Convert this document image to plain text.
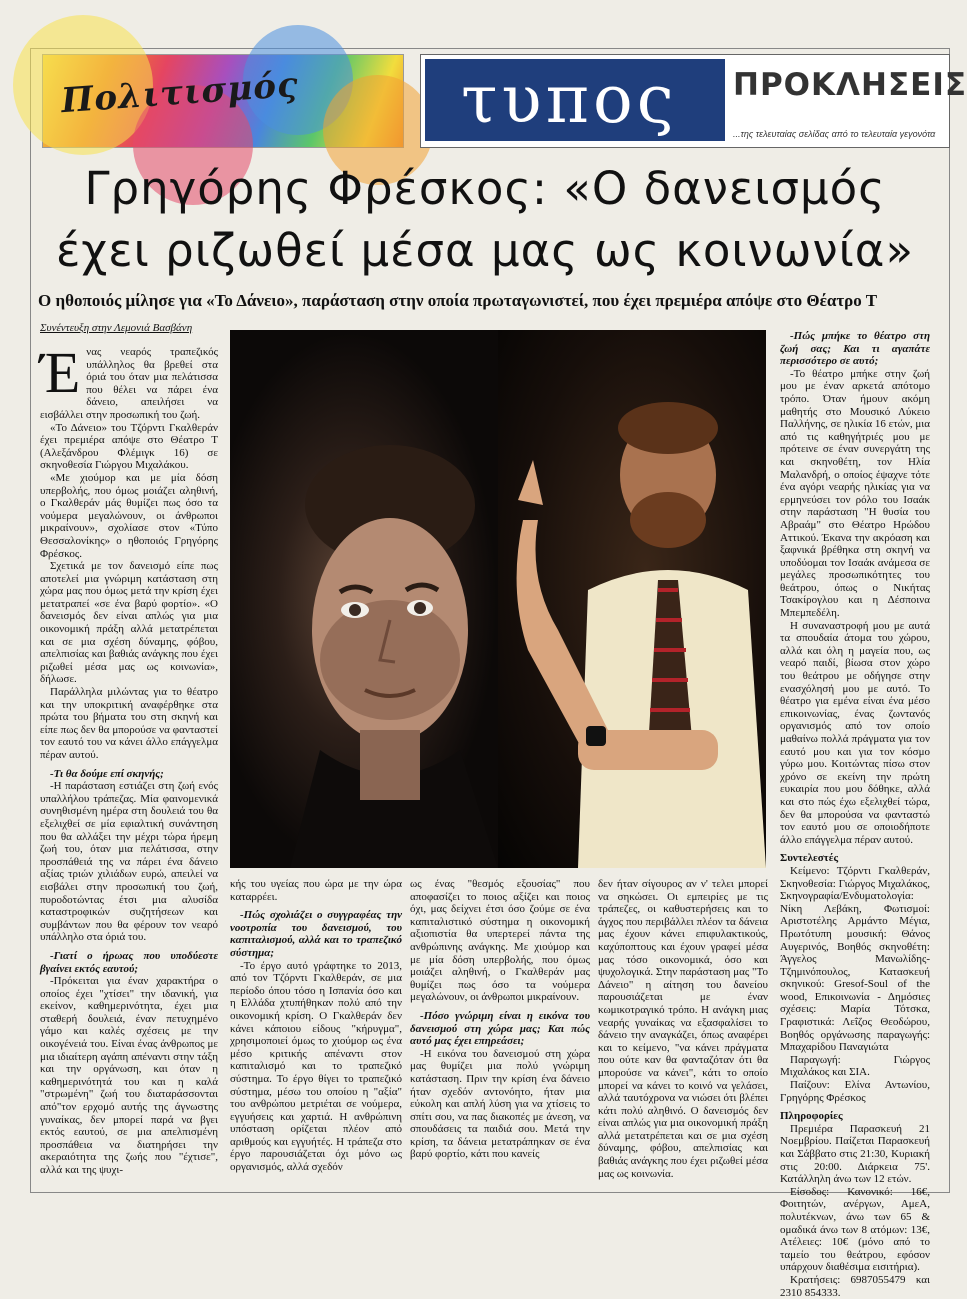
Πολιτισμός τυπος ΠΡΟΚΛΗΣΕΙΣ
...της τελευταίας σελίδας από το τελευταία γεγονότα
Γρηγόρης Φρέσκος: «Ο δανεισμός έχει ριζωθεί μέσα μας ως κοινωνία»
Ο ηθοποιός μίλησε για «Το Δάνειο», παράσταση στην οποία πρωταγωνιστεί, που έχει πρεμιέρα απόψε στο Θέατρο Τ
Συνέντευξη στην Λεμονιά Βασβάνη
Έ νας νεαρός τραπεζικός υπάλληλος θα βρεθεί στα όριά του όταν μια πελάτισσα που θέλει να πάρει ένα δάνειο, απειλήσει να εισβάλλει στην προσωπική του ζωή.

«Το Δάνειο» του Τζόρντι Γκαλθεράν έχει πρεμιέρα απόψε στο Θέατρο Τ (Αλεξάνδρου Φλέμιγκ 16) σε σκηνοθεσία Γιώργου Μιχαλάκου.

«Με χιούμορ και με μία δόση υπερβολής, που όμως μοιάζει αληθινή, ο Γκαλθεράν μάς θυμίζει πως όσο τα νούμερα μεγαλώνουν, οι άνθρωποι μικραίνουν», σχολίασε στον «Τύπο Θεσσαλονίκης» ο ηθοποιός Γρηγόρης Φρέσκος.

Σχετικά με τον δανεισμό είπε πως αποτελεί μια γνώριμη κατάσταση στη χώρα μας που όμως μετά την κρίση έχει μετατραπεί «σε ένα βαρύ φορτίο». «Ο δανεισμός δεν είναι απλώς για μια οικονομική πράξη αλλά μετατρέπεται και σε μια σχέση δύναμης, φόβου, απελπισίας και βαθιάς ανάγκης που έχει ριζωθεί μέσα μας ως κοινωνία», δήλωσε.

Παράλληλα μιλώντας για το θέατρο και την υποκριτική αναφέρθηκε στα πρώτα του βήματα του στη σκηνή και είπε πως δεν θα μπορούσε να φανταστεί τον εαυτό του να κάνει άλλο επάγγελμα πέραν αυτού.

-Τι θα δούμε επί σκηνής;

-Η παράσταση εστιάζει στη ζωή ενός υπαλλήλου τράπεζας. Μία φαινομενικά συνηθισμένη ημέρα στη δουλειά του θα εξελιχθεί σε μία εφιαλτική συνάντηση που θα αλλάξει την μέχρι τώρα ήρεμη ζωή του, όταν μια πελάτισσα, στην προσπάθειά της να πάρει ένα δάνειο αξίας τριών χιλιάδων ευρώ, απειλεί να εισβάλει στην προσωπική του ζωή, πυροδοτώντας έτσι μια αλυσίδα καταστροφικών συζητήσεων και συμβάντων που θα φέρουν τον νεαρό υπάλληλο στα όριά του.

-Γιατί ο ήρωας που υποδύεστε βγαίνει εκτός εαυτού;

-Πρόκειται για έναν χαρακτήρα ο οποίος έχει "χτίσει" την ιδανική, για εκείνον, καθημερινότητα, έχει μια σταθερή δουλειά, έναν πετυχημένο γάμο και καλές σχέσεις με την οικογένειά του. Είναι ένας άνθρωπος με μια ιδιαίτερη αγάπη απέναντι στην τάξη και την οργάνωση, και όταν η καθημερινότητά του και η καλά "στρωμένη" ζωή του διαταράσσονται από"τον ερχομό αυτής της άγνωστης γυναίκας, δεν μπορεί παρά να βγει εκτός εαυτού, σε μια απελπισμένη προσπάθεια να διατηρήσει την ακεραιότητα της ζωής που "έχτισε", αλλά και της ψυχι-

κής του υγείας που ώρα με την ώρα καταρρέει.

-Πώς σχολιάζει ο συγγραφέας την νοοτροπία του δανεισμού, του καπιταλισμού, αλλά και το τραπεζικό σύστημα;

-Το έργο αυτό γράφτηκε το 2013, από τον Τζόρντι Γκαλθεράν, σε μια περίοδο όπου τόσο η Ισπανία όσο και η Ελλάδα χτυπήθηκαν πολύ από την οικονομική κρίση. Ο Γκαλθεράν δεν κάνει κάποιου είδους "κήρυγμα", χρησιμοποιεί όμως το χιούμορ ως ένα μέσο κριτικής απέναντι στον καπιταλισμό και το τραπεζικό σύστημα. Το έργο θίγει το τραπεζικό σύστημα, μέσω του οποίου η "αξία" του ανθρώπου μετριέται σε νούμερα, εγγυήσεις και χαρτιά. Η ανθρώπινη υπόσταση ορίζεται πλέον από αριθμούς και εγγυήτές. Η τράπεζα στο έργο παρουσιάζεται όχι μόνο ως οργανισμός, αλλά σχεδόν

ως ένας "θεσμός εξουσίας" που αποφασίζει το ποιος αξίζει και ποιος όχι, μας δείχνει έτσι όσο ζούμε σε ένα καπιταλιστικό σύστημα η οικονομική αξιοπιστία θα υπερτερεί πάντα της ανθρώπινης ανάγκης. Με χιούμορ και με μία δόση υπερβολής, που όμως μοιάζει αληθινή, ο Γκαλθεράν μας θυμίζει πως όσο τα νούμερα μεγαλώνουν, οι άνθρωποι μικραίνουν.

-Πόσο γνώριμη είναι η εικόνα του δανεισμού στη χώρα μας; Και πώς αυτό μας έχει επηρεάσει;

-Η εικόνα του δανεισμού στη χώρα μας θυμίζει μια πολύ γνώριμη κατάσταση. Πριν την κρίση ένα δάνειο ήταν σχεδόν αντονόητο, ήταν μια εύκολη και απλή λύση για να χτίσεις το σπίτι σου, να πας διακοπές με άνεση, να σπουδάσεις τα παιδιά σου. Μετά την κρίση, τα δάνεια μετατράπηκαν σε ένα βαρύ φορτίο, κάτι που κανείς

δεν ήταν σίγουρος αν ν' τελει μπορεί να σηκώσει. Οι εμπειρίες με τις τράπεζες, οι καθυστερήσεις και το άγχος που περιβάλλει πλέον τα δάνεια μας έχουν κάνει επιφυλακτικούς, καχύποπτους και έχουν γραφεί μέσα μας τόσο οικονομικά, όσο και ψυχολογικά. Στην παράσταση μας "Το Δάνειο" η αίτηση του δανείου παρουσιάζεται με έναν κωμικοτραγικό τρόπο. Η ανάγκη μιας νεαρής γυναίκας να εξασφαλίσει το δάνειο την αναγκάζει, όπως αναφέρει και το κείμενο, "να κάνει πράγματα που ούτε καν θα φανταζόταν ότι θα μπορούσε να κάνει", κάτι το οποίο μπορεί να κάνει το κοινό να γελάσει, αλλά ταυτόχρονα να νιώσει ότι βλέπει κάτι πολύ αληθινό. Ο δανεισμός δεν είναι απλώς για μια οικονομική πράξη αλλά μετατρέπεται και σε μια σχέση δύναμης, φόβου, απελπισίας και βαθιάς ανάγκης που έχει ριζωθεί μέσα μας ως κοινωνία.

-Πώς μπήκε το θέατρο στη ζωή σας; Και τι αγαπάτε περισσότερο σε αυτό;

-Το θέατρο μπήκε στην ζωή μου με έναν αρκετά απότομο τρόπο. Όταν ήμουν ακόμη μαθητής στο Μουσικό Λύκειο Παλλήνης, σε ηλικία 16 ετών, μια από τις καθηγήτριές μου με πρότεινε σε έναν συνεργάτη της και σκηνοθέτη, τον Ηλία Μαλανδρή, ο οποίος έψαχνε τότε ένα αγόρι νεαρής ηλικίας για να ερμηνεύσει τον ρόλο του Ισαάκ στην παράσταση "Η θυσία του Αβραάμ" στο Θέατρο Ηρώδου Αττικού. Έκανα την ακρόαση και ξαφνικά βρέθηκα στη σκηνή να υποδύομαι τον Ισαάκ ανάμεσα σε μεγάλες προσωπικότητες του θεάτρου, όπως ο Νικήτας Τσακίρογλου και η Δέσποινα Μπεμπεδέλη.

Η συναναστροφή μου με αυτά τα σπουδαία άτομα του χώρου, αλλά και όλη η μαγεία που, ως νεαρό παιδί, βίωσα στον χώρο του θεάτρου με οδήγησε στην ενασχόλησή μου με αυτό. Το θέατρο για εμένα είναι ένα μέσο επικοινωνίας, ένας ζωντανός οργανισμός από τον οποίο μαθαίνω πολλά πράγματα για τον εαυτό μου και για τον κόσμο γύρω μου. Κοιτώντας πίσω στον χρόνο σε εκείνη την πρώτη ευκαιρία που μου δόθηκε, αλλά και στο πώς έχω εξελιχθεί τώρα, δεν θα μπορούσα να φανταστώ τον εαυτό μου σε οποιοδήποτε άλλο επάγγελμα πέραν αυτού.

Συντελεστές

Κείμενο: Τζόρντι Γκαλθεράν, Σκηνοθεσία: Γιώργος Μιχαλάκος, Σκηνογραφία/Ενδυματολογία: Νίκη Λεβάκη, Φωτισμοί: Αριστοτέλης Αρμάντο Μέγια, Πρωτότυπη μουσική: Θάνος Αυγερινός, Βοηθός σκηνοθέτη: Άγγελος Μανωλίδης-Τζημινόπουλος, Κατασκευή σκηνικού: Gresof-Soul of the wood, Επικοινωνία - Δημόσιες σχέσεις: Μαρία Τότσκα, Γραφιστικά: Λεΐζος Θεοδώρου, Βοηθός οργάνωσης παραγωγής: Μπαχαρίδου Παναγιώτα

Παραγωγή: Γιώργος Μιχαλάκος και ΣΙΑ.

Παίζουν: Ελίνα Αντωνίου, Γρηγόρης Φρέσκος

Πληροφορίες

Πρεμιέρα Παρασκευή 21 Νοεμβρίου. Παίζεται Παρασκευή και Σάββατο στις 21:30, Κυριακή στις 20:00. Διάρκεια 75'. Κατάλληλη άνω των 12 ετών.

Είσοδος: Κανονικό: 16€, Φοιτητών, ανέργων, ΑμεΑ, πολυτέκνων, άνω των 65 & ομαδικά άνω των 8 ατόμων: 13€, Ατέλειες: 10€ (μόνο από το ταμείο του θεάτρου, εφόσον υπάρχουν διαθέσιμα εισιτήρια).

Κρατήσεις: 6987055479 και 2310 854333.
